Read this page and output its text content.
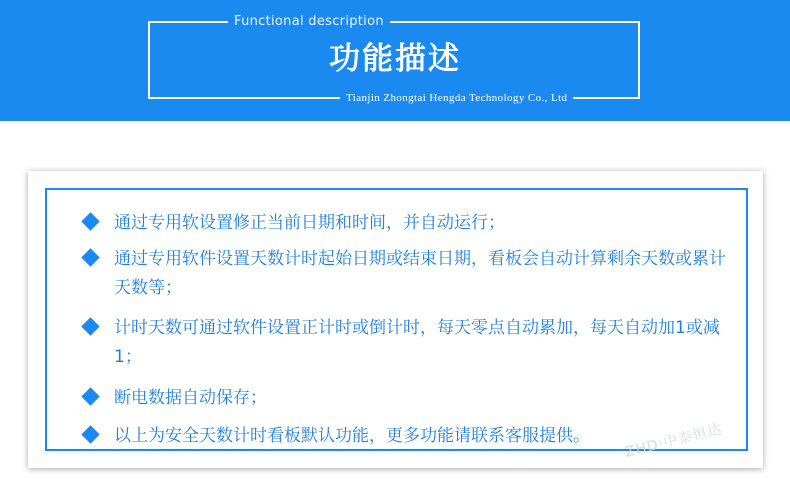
Functional description
功能描述
Tianjin Zhongtai Hengda Technology Co., Ltd
通过专用软设置修正当前日期和时间，并自动运行；
通过专用软件设置天数计时起始日期或结束日期，看板会自动计算剩余天数或累计天数等；
计时天数可通过软件设置正计时或倒计时，每天零点自动累加，每天自动加1或减1；
断电数据自动保存；
以上为安全天数计时看板默认功能，更多功能请联系客服提供。	ZHD·中泰恒达
